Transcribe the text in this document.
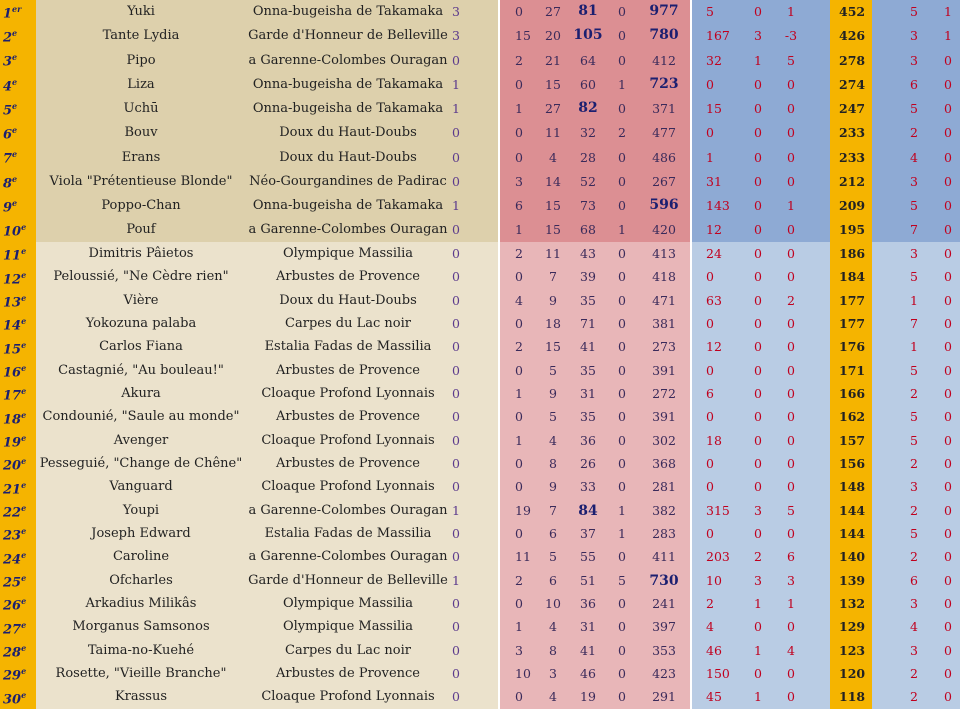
1er	Yuki	Onna-bugeisha de Takamaka	3			0	27	81	0	977		5	0	1		452		5	1
2e	Tante Lydia	Garde d'Honneur de Belleville	3			15	20	105	0	780		167	3	-3		426		3	1
3e	Pipo	a Garenne-Colombes Ouragan	0			2	21	64	0	412		32	1	5		278		3	0
4e	Liza	Onna-bugeisha de Takamaka	1			0	15	60	1	723		0	0	0		274		6	0
5e	Uchū	Onna-bugeisha de Takamaka	1			1	27	82	0	371		15	0	0		247		5	0
6e	Bouv	Doux du Haut-Doubs	0			0	11	32	2	477		0	0	0		233		2	0
7e	Erans	Doux du Haut-Doubs	0			0	4	28	0	486		1	0	0		233		4	0
8e	Viola "Prétentieuse Blonde"	Néo-Gourgandines de Padirac	0			3	14	52	0	267		31	0	0		212		3	0
9e	Poppo-Chan	Onna-bugeisha de Takamaka	1			6	15	73	0	596		143	0	1		209		5	0
10e	Pouf	a Garenne-Colombes Ouragan	0			1	15	68	1	420		12	0	0		195		7	0
11e	Dimitris Pâietos	Olympique Massilia	0			2	11	43	0	413		24	0	0		186		3	0
12e	Peloussié, "Ne Cèdre rien"	Arbustes de Provence	0			0	7	39	0	418		0	0	0		184		5	0
13e	Vière	Doux du Haut-Doubs	0			4	9	35	0	471		63	0	2		177		1	0
14e	Yokozuna palaba	Carpes du Lac noir	0			0	18	71	0	381		0	0	0		177		7	0
15e	Carlos Fiana	Estalia Fadas de Massilia	0			2	15	41	0	273		12	0	0		176		1	0
16e	Castagnié, "Au bouleau!"	Arbustes de Provence	0			0	5	35	0	391		0	0	0		171		5	0
17e	Akura	Cloaque Profond Lyonnais	0			1	9	31	0	272		6	0	0		166		2	0
18e	Condounié, "Saule au monde"	Arbustes de Provence	0			0	5	35	0	391		0	0	0		162		5	0
19e	Avenger	Cloaque Profond Lyonnais	0			1	4	36	0	302		18	0	0		157		5	0
20e	Pesseguié, "Change de Chêne"	Arbustes de Provence	0			0	8	26	0	368		0	0	0		156		2	0
21e	Vanguard	Cloaque Profond Lyonnais	0			0	9	33	0	281		0	0	0		148		3	0
22e	Youpi	a Garenne-Colombes Ouragan	1			19	7	84	1	382		315	3	5		144		2	0
23e	Joseph Edward	Estalia Fadas de Massilia	0			0	6	37	1	283		0	0	0		144		5	0
24e	Caroline	a Garenne-Colombes Ouragan	0			11	5	55	0	411		203	2	6		140		2	0
25e	Ofcharles	Garde d'Honneur de Belleville	1			2	6	51	5	730		10	3	3		139		6	0
26e	Arkadius Milikâs	Olympique Massilia	0			0	10	36	0	241		2	1	1		132		3	0
27e	Morganus Samsonos	Olympique Massilia	0			1	4	31	0	397		4	0	0		129		4	0
28e	Taima-no-Kuehé	Carpes du Lac noir	0			3	8	41	0	353		46	1	4		123		3	0
29e	Rosette, "Vieille Branche"	Arbustes de Provence	0			10	3	46	0	423		150	0	0		120		2	0
30e	Krassus	Cloaque Profond Lyonnais	0			0	4	19	0	291		45	1	0		118		2	0
